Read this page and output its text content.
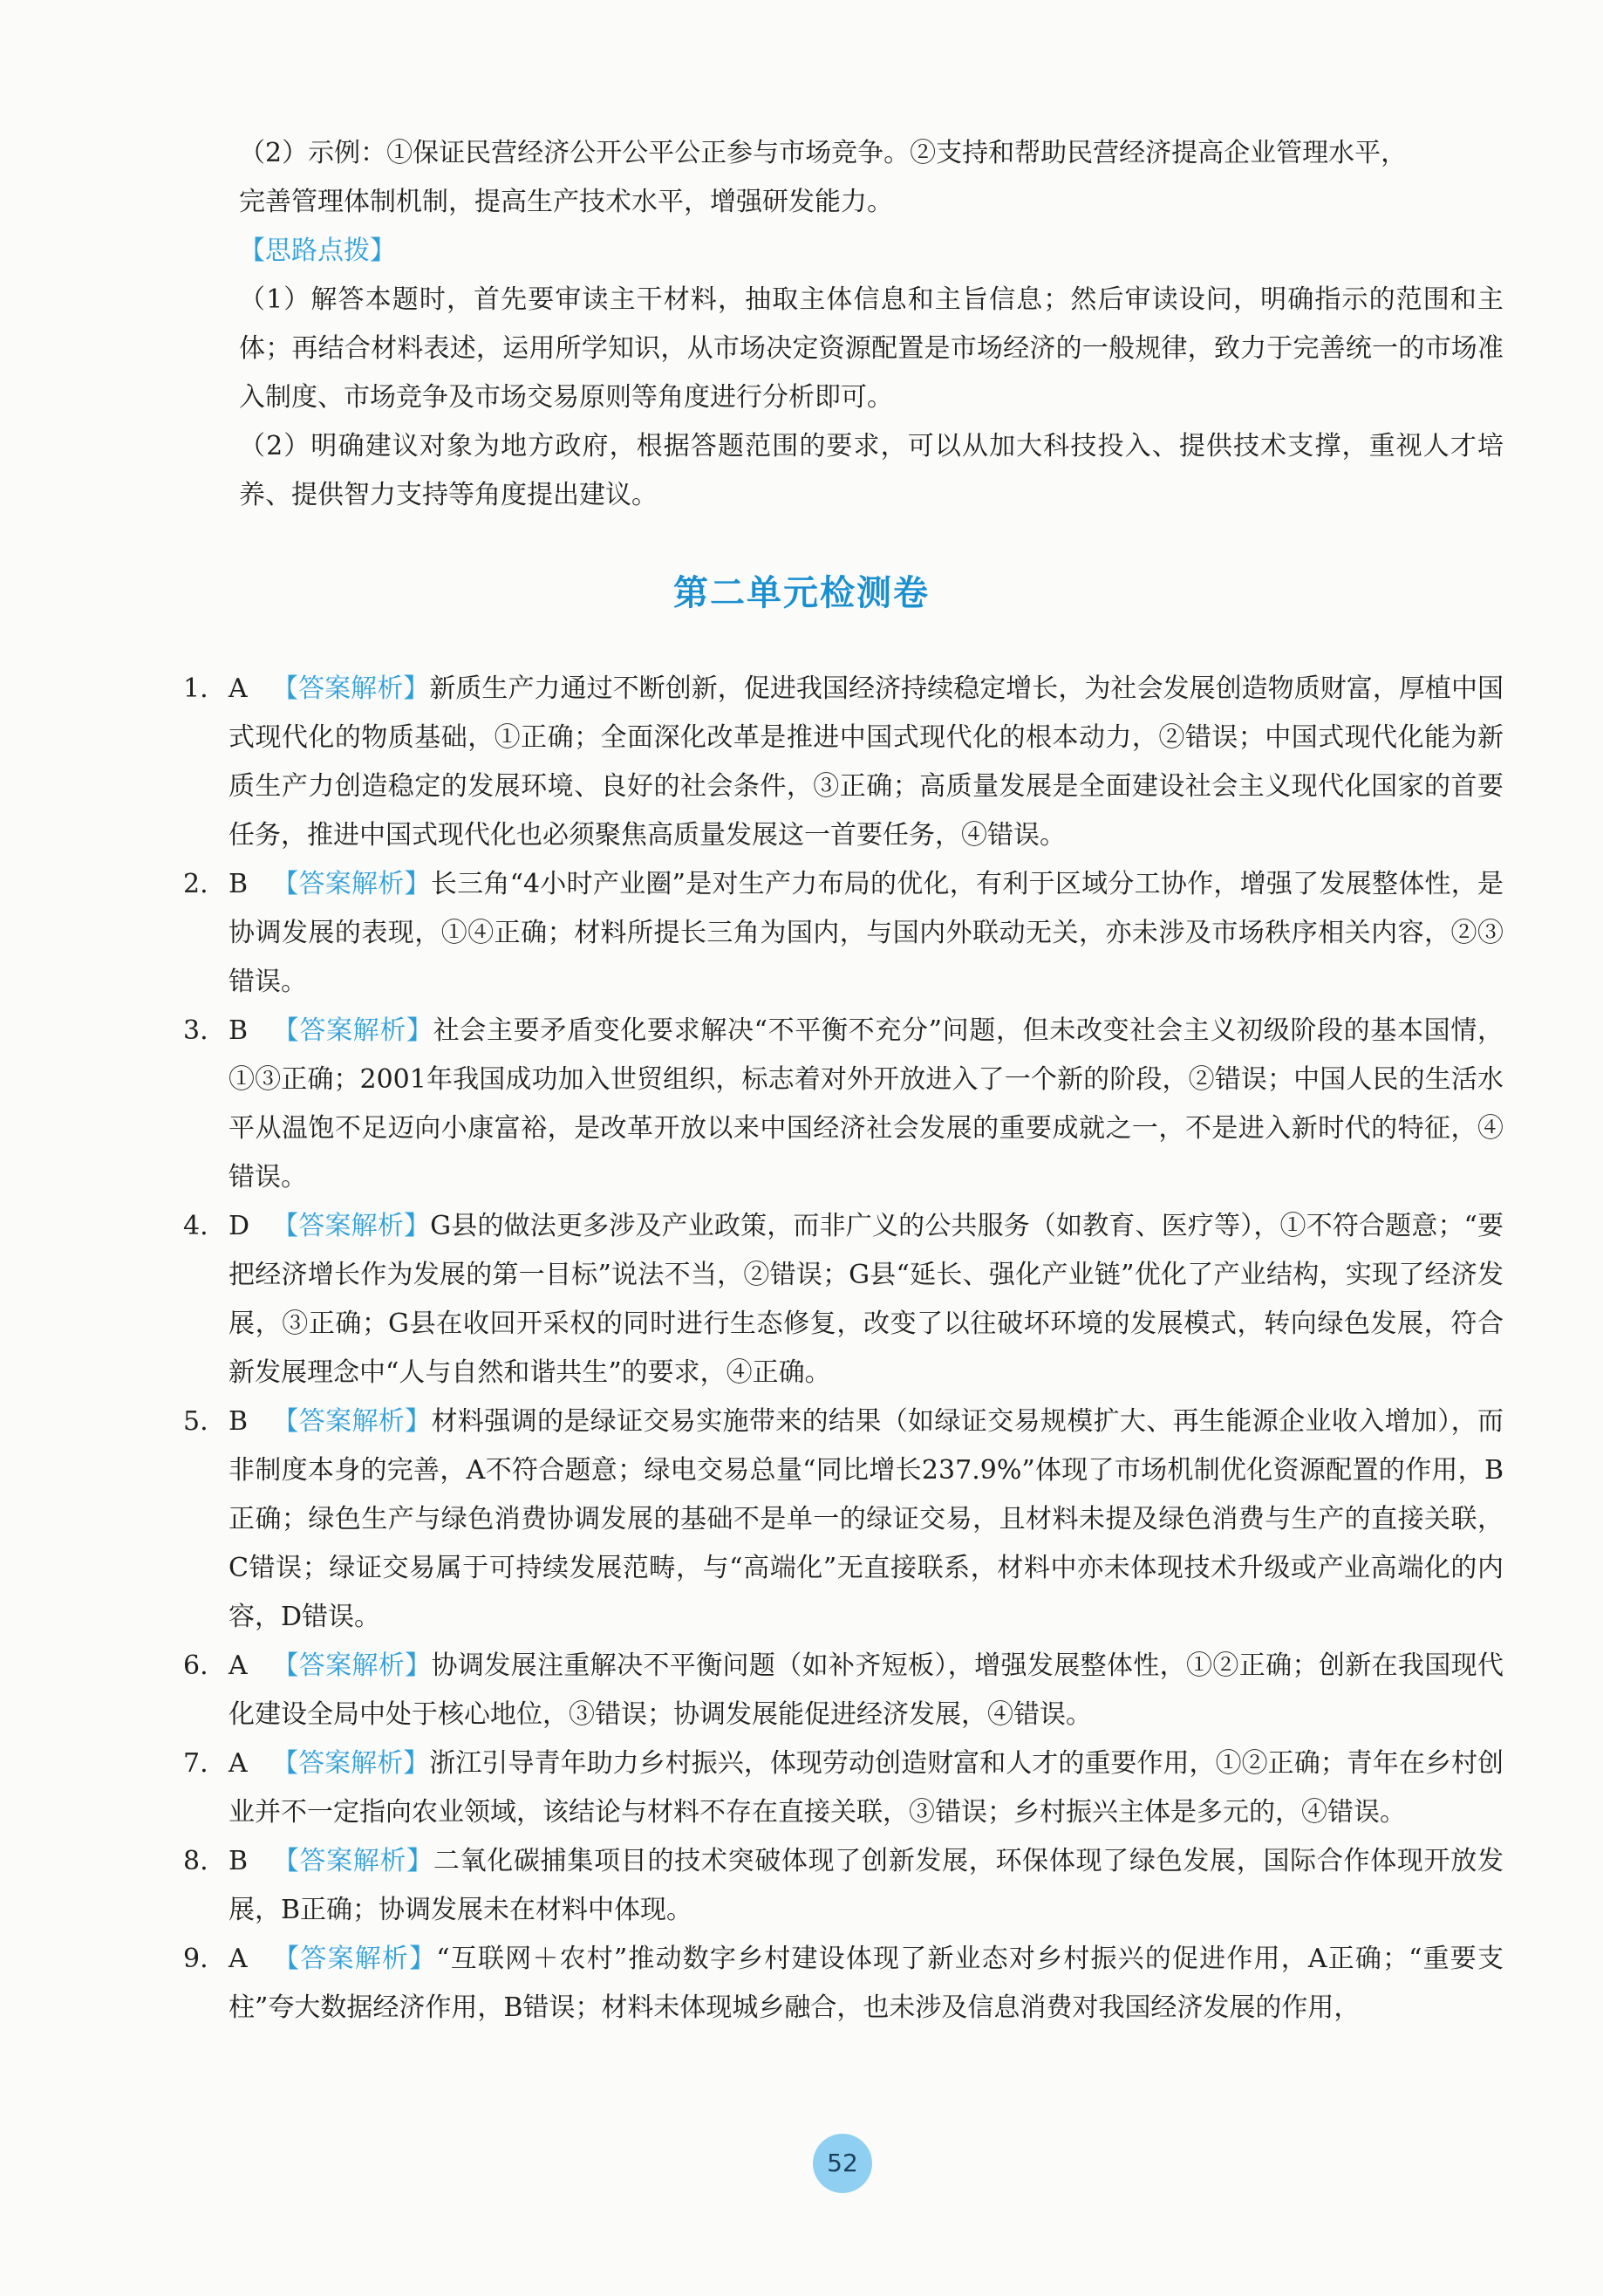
（2）示例：①保证民营经济公开公平公正参与市场竞争。②支持和帮助民营经济提高企业管理水平，
完善管理体制机制，提高生产技术水平，增强研发能力。
【思路点拨】
（1）解答本题时，首先要审读主干材料，抽取主体信息和主旨信息；然后审读设问，明确指示的范围和主体；再结合材料表述，运用所学知识，从市场决定资源配置是市场经济的一般规律，致力于完善统一的市场准入制度、市场竞争及市场交易原则等角度进行分析即可。
（2）明确建议对象为地方政府，根据答题范围的要求，可以从加大科技投入、提供技术支撑，重视人才培养、提供智力支持等角度提出建议。
第二单元检测卷
1. A 【答案解析】新质生产力通过不断创新，促进我国经济持续稳定增长，为社会发展创造物质财富，厚植中国式现代化的物质基础，①正确；全面深化改革是推进中国式现代化的根本动力，②错误；中国式现代化能为新质生产力创造稳定的发展环境、良好的社会条件，③正确；高质量发展是全面建设社会主义现代化国家的首要任务，推进中国式现代化也必须聚焦高质量发展这一首要任务，④错误。
2. B 【答案解析】长三角“4小时产业圈”是对生产力布局的优化，有利于区域分工协作，增强了发展整体性，是协调发展的表现，①④正确；材料所提长三角为国内，与国内外联动无关，亦未涉及市场秩序相关内容，②③错误。
3. B 【答案解析】社会主要矛盾变化要求解决“不平衡不充分”问题，但未改变社会主义初级阶段的基本国情，①③正确；2001年我国成功加入世贸组织，标志着对外开放进入了一个新的阶段，②错误；中国人民的生活水平从温饱不足迈向小康富裕，是改革开放以来中国经济社会发展的重要成就之一，不是进入新时代的特征，④错误。
4. D 【答案解析】G县的做法更多涉及产业政策，而非广义的公共服务（如教育、医疗等），①不符合题意；“要把经济增长作为发展的第一目标”说法不当，②错误；G县“延长、强化产业链”优化了产业结构，实现了经济发展，③正确；G县在收回开采权的同时进行生态修复，改变了以往破坏环境的发展模式，转向绿色发展，符合新发展理念中“人与自然和谐共生”的要求，④正确。
5. B 【答案解析】材料强调的是绿证交易实施带来的结果（如绿证交易规模扩大、再生能源企业收入增加），而非制度本身的完善，A不符合题意；绿电交易总量“同比增长237.9%”体现了市场机制优化资源配置的作用，B正确；绿色生产与绿色消费协调发展的基础不是单一的绿证交易，且材料未提及绿色消费与生产的直接关联，C错误；绿证交易属于可持续发展范畴，与“高端化”无直接联系，材料中亦未体现技术升级或产业高端化的内容，D错误。
6. A 【答案解析】协调发展注重解决不平衡问题（如补齐短板），增强发展整体性，①②正确；创新在我国现代化建设全局中处于核心地位，③错误；协调发展能促进经济发展，④错误。
7. A 【答案解析】浙江引导青年助力乡村振兴，体现劳动创造财富和人才的重要作用，①②正确；青年在乡村创业并不一定指向农业领域，该结论与材料不存在直接关联，③错误；乡村振兴主体是多元的，④错误。
8. B 【答案解析】二氧化碳捕集项目的技术突破体现了创新发展，环保体现了绿色发展，国际合作体现开放发展，B正确；协调发展未在材料中体现。
9. A 【答案解析】“互联网＋农村”推动数字乡村建设体现了新业态对乡村振兴的促进作用，A正确；“重要支柱”夸大数据经济作用，B错误；材料未体现城乡融合，也未涉及信息消费对我国经济发展的作用，
52
